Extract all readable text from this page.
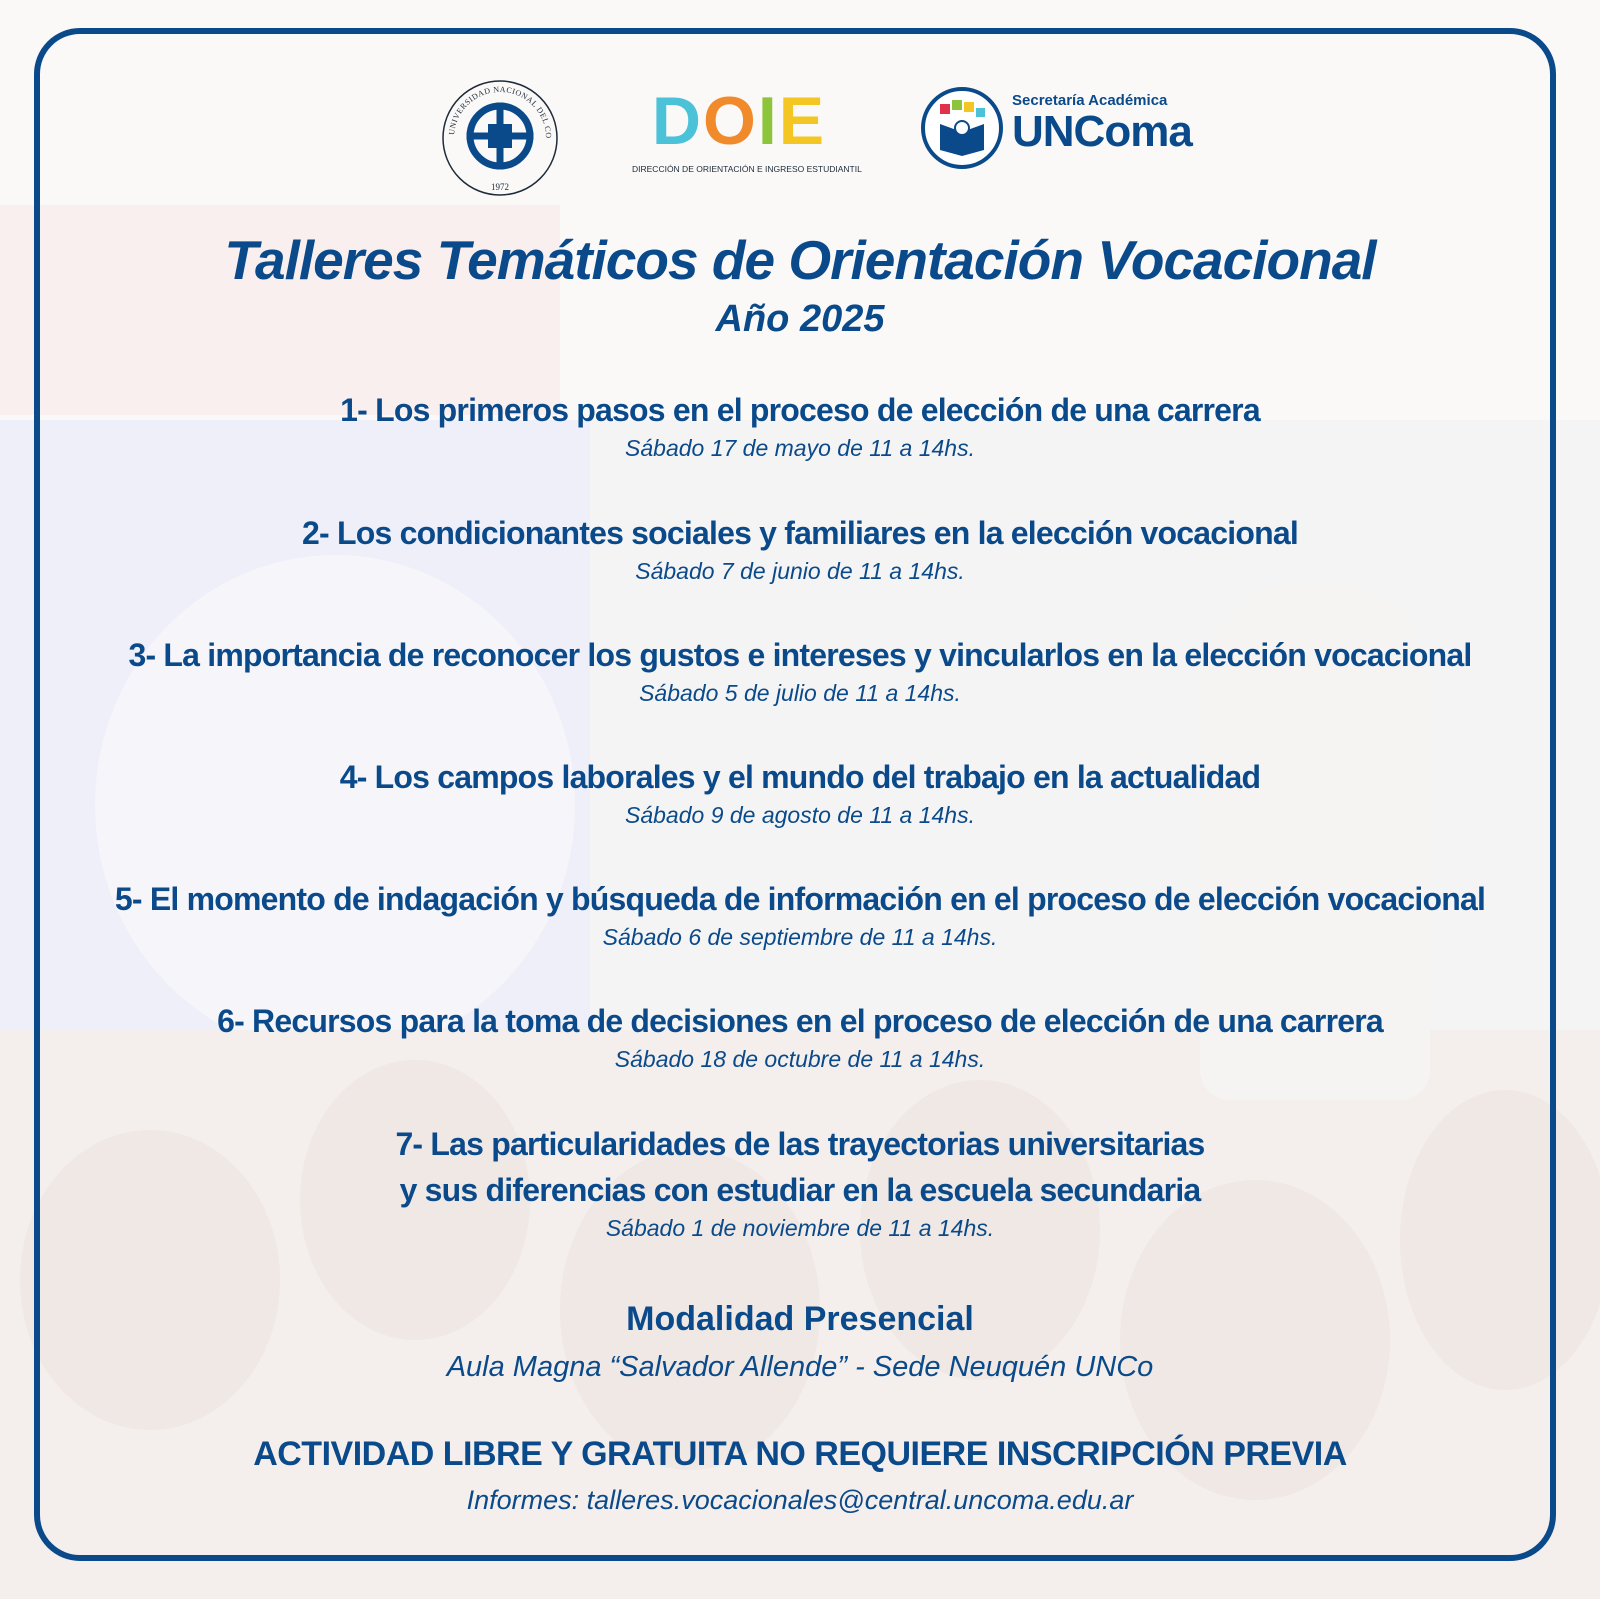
UNIVERSIDAD NACIONAL DEL CO
1972
D O I E
DIRECCIÓN DE ORIENTACIÓN E INGRESO ESTUDIANTIL
Secretaría Académica
UNComa
Talleres Temáticos de Orientación Vocacional
Año 2025
1- Los primeros pasos en el proceso de elección de una carrera
Sábado 17 de mayo de 11 a 14hs.
2- Los condicionantes sociales y familiares en la elección vocacional
Sábado 7 de junio de 11 a 14hs.
3- La importancia de reconocer los gustos e intereses y vincularlos en la elección vocacional
Sábado 5 de julio de 11 a 14hs.
4- Los campos laborales y el mundo del trabajo en la actualidad
Sábado 9 de agosto de 11 a 14hs.
5- El momento de indagación y búsqueda de información en el proceso de elección vocacional
Sábado 6 de septiembre de 11 a 14hs.
6- Recursos para la toma de decisiones en el proceso de elección de una carrera
Sábado 18 de octubre de 11 a 14hs.
7- Las particularidades de las trayectorias universitarias
y sus diferencias con estudiar en la escuela secundaria
Sábado 1 de noviembre de 11 a 14hs.
Modalidad Presencial
Aula Magna “Salvador Allende” - Sede Neuquén UNCo
ACTIVIDAD LIBRE Y GRATUITA NO REQUIERE INSCRIPCIÓN PREVIA
Informes: talleres.vocacionales@central.uncoma.edu.ar
